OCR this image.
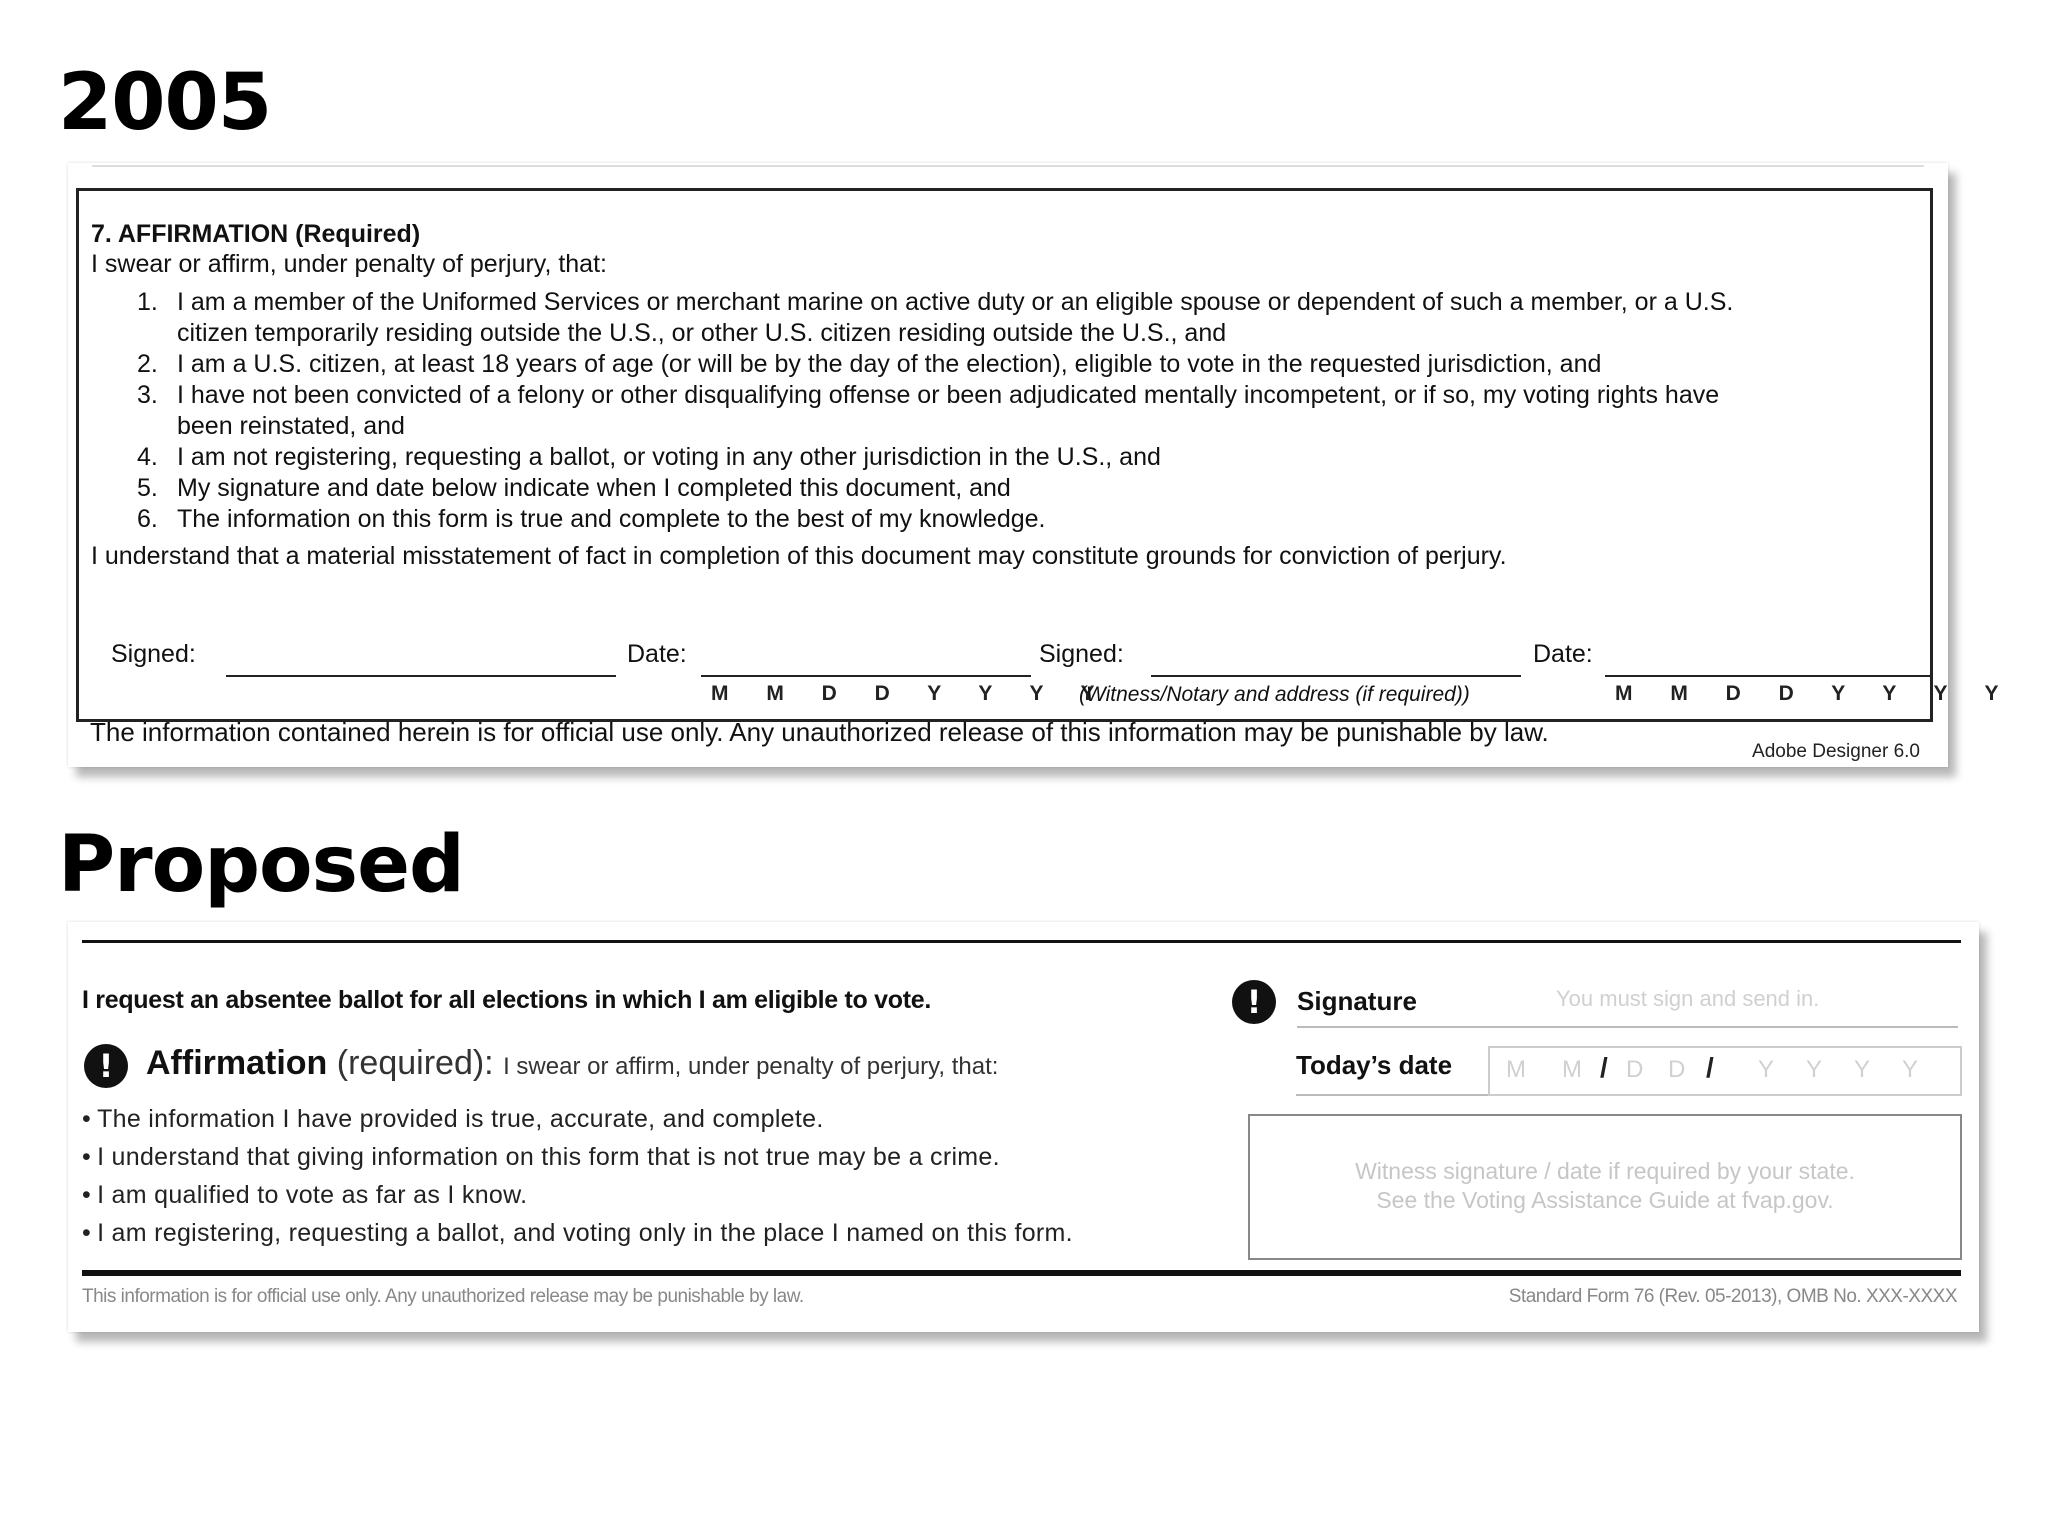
2005
7. AFFIRMATION (Required)
I swear or affirm, under penalty of perjury, that:
1. I am a member of the Uniformed Services or merchant marine on active duty or an eligible spouse or dependent of such a member, or a U.S.
citizen temporarily residing outside the U.S., or other U.S. citizen residing outside the U.S., and
2. I am a U.S. citizen, at least 18 years of age (or will be by the day of the election), eligible to vote in the requested jurisdiction, and
3. I have not been convicted of a felony or other disqualifying offense or been adjudicated mentally incompetent, or if so, my voting rights have
been reinstated, and
4. I am not registering, requesting a ballot, or voting in any other jurisdiction in the U.S., and
5. My signature and date below indicate when I completed this document, and
6. The information on this form is true and complete to the best of my knowledge.
I understand that a material misstatement of fact in completion of this document may constitute grounds for conviction of perjury.
Signed:	Date:
M M D D Y Y Y Y
Signed:
(Witness/Notary and address (if required))
Date:
M M D D Y Y Y Y
The information contained herein is for official use only. Any unauthorized release of this information may be punishable by law.
Adobe Designer 6.0
Proposed
I request an absentee ballot for all elections in which I am eligible to vote.
! Affirmation (required): I swear or affirm, under penalty of perjury, that:
• The information I have provided is true, accurate, and complete.
• I understand that giving information on this form that is not true may be a crime.
• I am qualified to vote as far as I know.
• I am registering, requesting a ballot, and voting only in the place I named on this form.
!	Signature	You must sign and send in.
Today’s date M M / D D / Y Y Y Y
Witness signature / date if required by your state.
See the Voting Assistance Guide at fvap.gov.
This information is for official use only. Any unauthorized release may be punishable by law.	Standard Form 76 (Rev. 05-2013), OMB No. XXX-XXXX
